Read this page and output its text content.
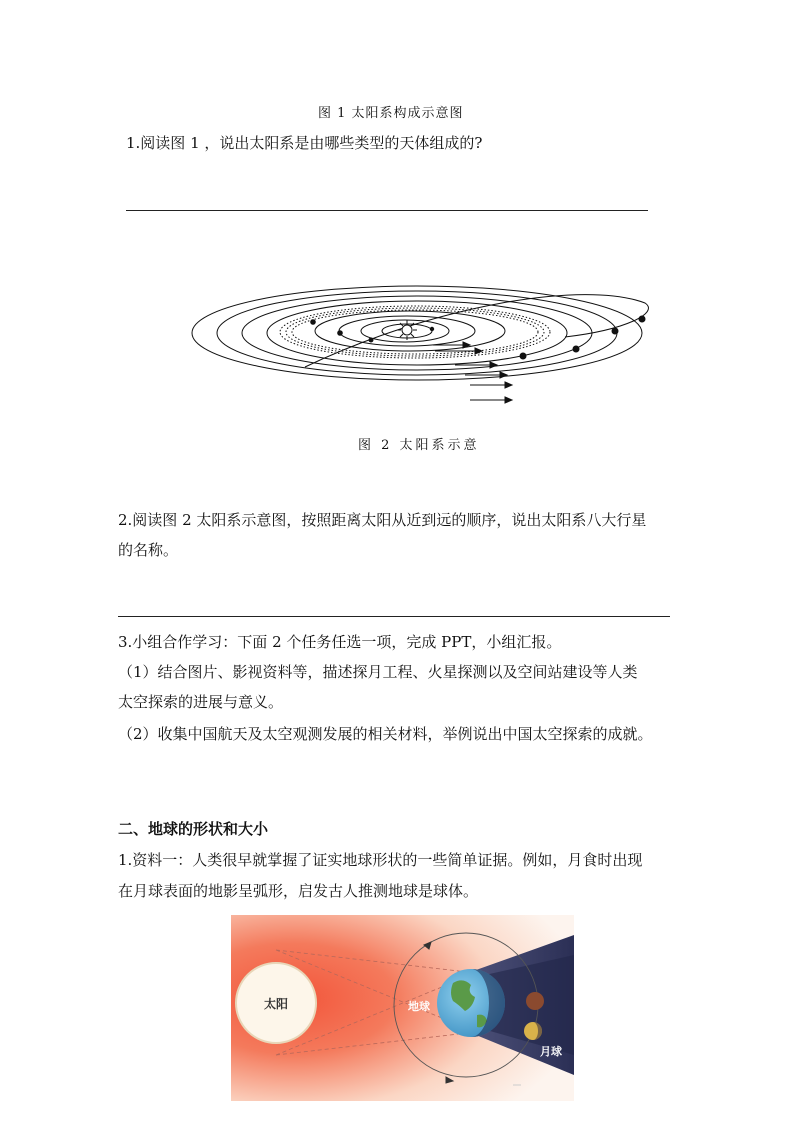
图 1 太阳系构成示意图
1.阅读图 1 ，说出太阳系是由哪些类型的天体组成的?
图 2 太阳系示意
2.阅读图 2 太阳系示意图，按照距离太阳从近到远的顺序，说出太阳系八大行星
的名称。
3.小组合作学习：下面 2 个任务任选一项，完成 PPT，小组汇报。
（1）结合图片、影视资料等，描述探月工程、火星探测以及空间站建设等人类
太空探索的进展与意义。
（2）收集中国航天及太空观测发展的相关材料，举例说出中国太空探索的成就。
二、地球的形状和大小
1.资料一：人类很早就掌握了证实地球形状的一些简单证据。例如，月食时出现
在月球表面的地影呈弧形，启发古人推测地球是球体。
太阳	地球
月球
